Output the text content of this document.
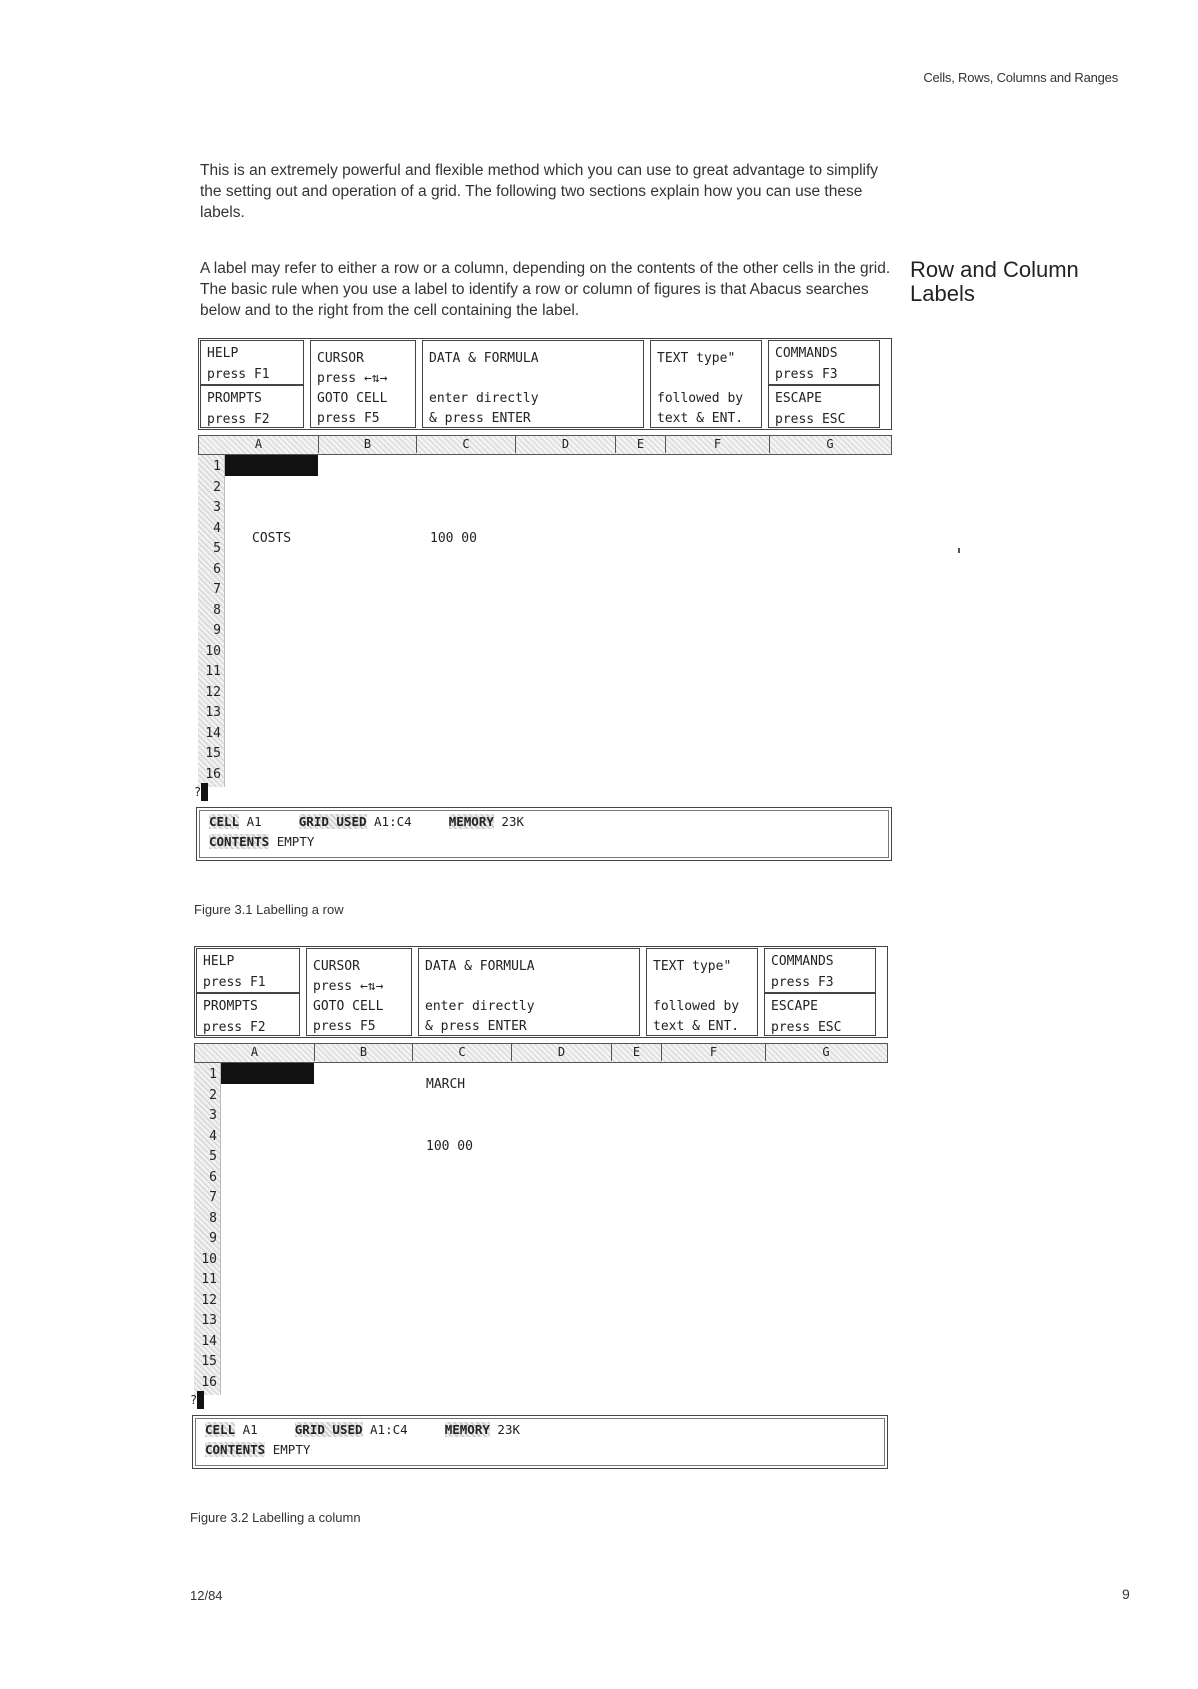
Cells, Rows, Columns and Ranges
This is an extremely powerful and flexible method which you can use to great advantage to simplify the setting out and operation of a grid. The following two sections explain how you can use these labels.
A label may refer to either a row or a column, depending on the contents of the other cells in the grid. The basic rule when you use a label to identify a row or column of figures is that Abacus searches below and to the right from the cell containing the label.
Row and Column Labels
HELP
press F1
PROMPTS
press F2
CURSOR
press ←⇅→
GOTO CELL
press F5
DATA & FORMULA

enter directly
& press ENTER
TEXT type"

followed by
text & ENT.
COMMANDS
press F3
ESCAPE
press ESC
A	B	C	D	E	F	G
1
2
3
4
5
6
7
8
9
10
11
12
13
14
15
16
COSTS	100 00
?
CELL A1	GRID USED A1:C4	MEMORY 23K
CONTENTS EMPTY
Figure 3.1 Labelling a row
HELP
press F1
PROMPTS
press F2
CURSOR
press ←⇅→
GOTO CELL
press F5
DATA & FORMULA

enter directly
& press ENTER
TEXT type"

followed by
text & ENT.
COMMANDS
press F3
ESCAPE
press ESC
A	B	C	D	E	F	G
1
2
3
4
5
6
7
8
9
10
11
12
13
14
15
16
MARCH
100 00
?
CELL A1	GRID USED A1:C4	MEMORY 23K
CONTENTS EMPTY
Figure 3.2 Labelling a column
12/84	9
